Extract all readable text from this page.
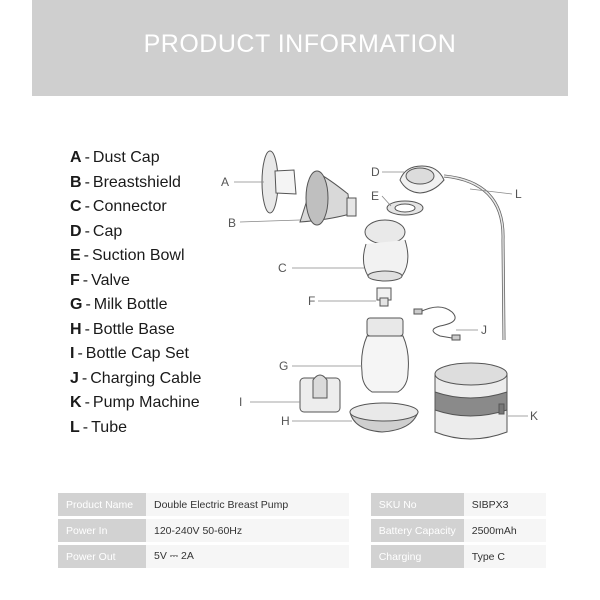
PRODUCT INFORMATION
A - Dust Cap
B - Breastshield
C - Connector
D - Cap
E - Suction Bowl
F - Valve
G - Milk Bottle
H - Bottle Base
I - Bottle Cap Set
J - Charging Cable
K - Pump Machine
L - Tube
A
B
C
D
E
F
G
I
H
J
K
L
Product Name	Double Electric Breast Pump		SKU No	SIBPX3
Power In	120-240V 50-60Hz		Battery Capacity	2500mAh
Power Out	5V ⎓ 2A		Charging	Type C
